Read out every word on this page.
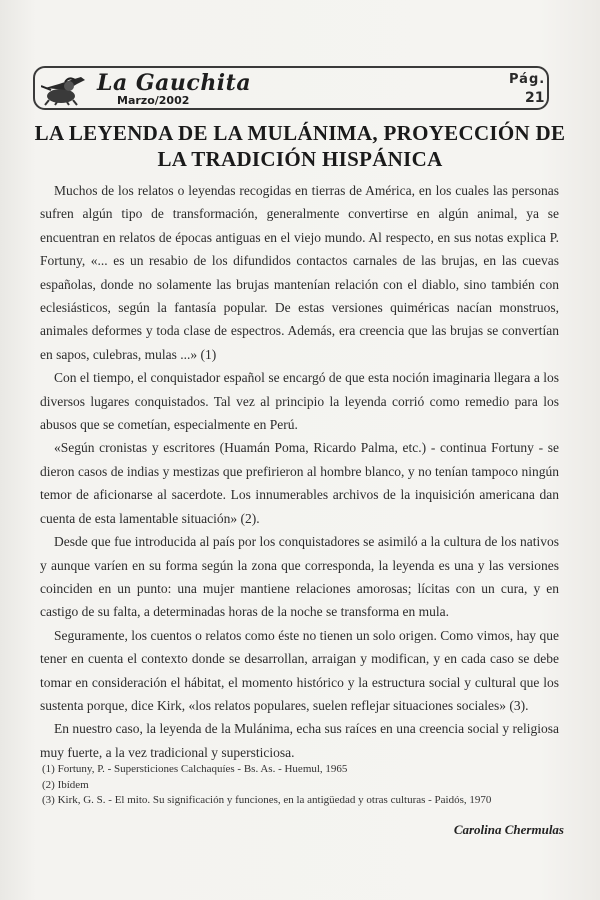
La Gauchita
Marzo/2002
Pág.
21
LA LEYENDA DE LA MULÁNIMA, PROYECCIÓN DE LA TRADICIÓN HISPÁNICA

Muchos de los relatos o leyendas recogidas en tierras de América, en los cuales las personas sufren algún tipo de transformación, generalmente convertirse en algún animal, ya se encuentran en relatos de épocas antiguas en el viejo mundo. Al respecto, en sus notas explica P. Fortuny, «... es un resabio de los difundidos contactos carnales de las brujas, en las cuevas españolas, donde no solamente las brujas mantenían relación con el diablo, sino también con eclesiásticos, según la fantasía popular. De estas versiones quiméricas nacían monstruos, animales deformes y toda clase de espectros. Además, era creencia que las brujas se convertían en sapos, culebras, mulas ...» (1)

Con el tiempo, el conquistador español se encargó de que esta noción imaginaria llegara a los diversos lugares conquistados. Tal vez al principio la leyenda corrió como remedio para los abusos que se cometían, especialmente en Perú.

«Según cronistas y escritores (Huamán Poma, Ricardo Palma, etc.) - continua Fortuny - se dieron casos de indias y mestizas que prefirieron al hombre blanco, y no tenían tampoco ningún temor de aficionarse al sacerdote. Los innumerables archivos de la inquisición americana dan cuenta de esta lamentable situación» (2).

Desde que fue introducida al país por los conquistadores se asimiló a la cultura de los nativos y aunque varíen en su forma según la zona que corresponda, la leyenda es una y las versiones coinciden en un punto: una mujer mantiene relaciones amorosas; lícitas con un cura, y en castigo de su falta, a determinadas horas de la noche se transforma en mula.

Seguramente, los cuentos o relatos como éste no tienen un solo origen. Como vimos, hay que tener en cuenta el contexto donde se desarrollan, arraigan y modifican, y en cada caso se debe tomar en consideración el hábitat, el momento histórico y la estructura social y cultural que los sustenta porque, dice Kirk, «los relatos populares, suelen reflejar situaciones sociales» (3).

En nuestro caso, la leyenda de la Mulánima, echa sus raíces en una creencia social y religiosa muy fuerte, a la vez tradicional y supersticiosa.

(1) Fortuny, P. - Supersticiones Calchaquíes - Bs. As. - Huemul, 1965
(2) Ibídem
(3) Kirk, G. S. - El mito. Su significación y funciones, en la antigüedad y otras culturas - Paidós, 1970
Carolina Chermulas
